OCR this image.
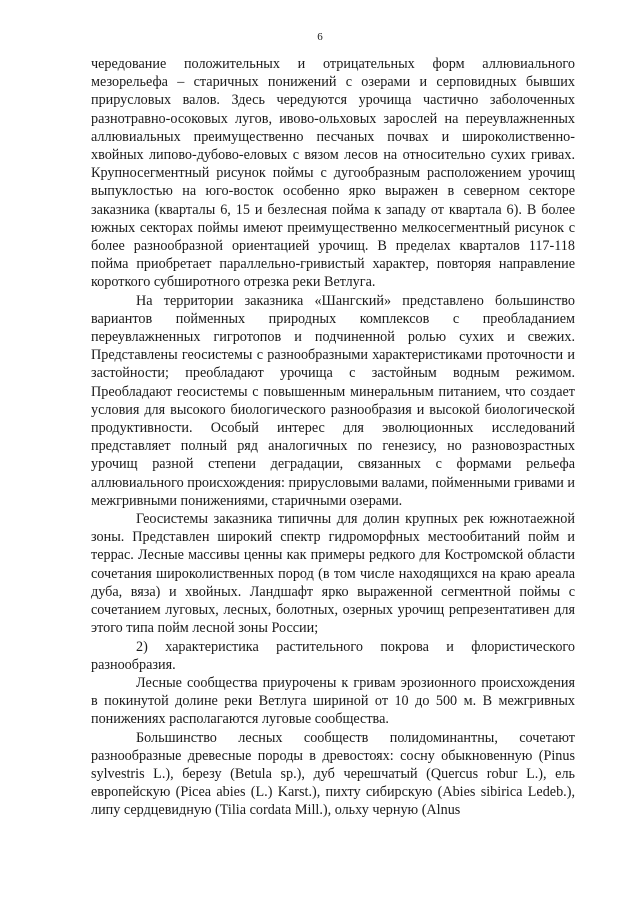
6

чередование положительных и отрицательных форм аллювиального мезорельефа – старичных понижений с озерами и серповидных бывших прирусловых валов. Здесь чередуются урочища частично заболоченных разнотравно-осоковых лугов, ивово-ольховых зарослей на переувлажненных аллювиальных преимущественно песчаных почвах и широколиственно-хвойных липово-дубово-еловых с вязом лесов на относительно сухих гривах. Крупносегментный рисунок поймы с дугообразным расположением урочищ выпуклостью на юго-восток особенно ярко выражен в северном секторе заказника (кварталы 6, 15 и безлесная пойма к западу от квартала 6). В более южных секторах поймы имеют преимущественно мелкосегментный рисунок с более разнообразной ориентацией урочищ. В пределах кварталов 117-118 пойма приобретает параллельно-гривистый характер, повторяя направление короткого субширотного отрезка реки Ветлуга.

На территории заказника «Шангский» представлено большинство вариантов пойменных природных комплексов с преобладанием переувлажненных гигротопов и подчиненной ролью сухих и свежих. Представлены геосистемы с разнообразными характеристиками проточности и застойности; преобладают урочища с застойным водным режимом. Преобладают геосистемы с повышенным минеральным питанием, что создает условия для высокого биологического разнообразия и высокой биологической продуктивности. Особый интерес для эволюционных исследований представляет полный ряд аналогичных по генезису, но разновозрастных урочищ разной степени деградации, связанных с формами рельефа аллювиального происхождения: прирусловыми валами, пойменными гривами и межгривными понижениями, старичными озерами.

Геосистемы заказника типичны для долин крупных рек южнотаежной зоны. Представлен широкий спектр гидроморфных местообитаний пойм и террас. Лесные массивы ценны как примеры редкого для Костромской области сочетания широколиственных пород (в том числе находящихся на краю ареала дуба, вяза) и хвойных. Ландшафт ярко выраженной сегментной поймы с сочетанием луговых, лесных, болотных, озерных урочищ репрезентативен для этого типа пойм лесной зоны России;

2) характеристика растительного покрова и флористического разнообразия.

Лесные сообщества приурочены к гривам эрозионного происхождения в покинутой долине реки Ветлуга шириной от 10 до 500 м. В межгривных понижениях располагаются луговые сообщества.

Большинство лесных сообществ полидоминантны, сочетают разнообразные древесные породы в древостоях: сосну обыкновенную (Pinus sylvestris L.), березу (Betula sp.), дуб черешчатый (Quercus robur L.), ель европейскую (Picea abies (L.) Karst.), пихту сибирскую (Abies sibirica Ledeb.), липу сердцевидную (Tilia cordata Mill.), ольху черную (Alnus
